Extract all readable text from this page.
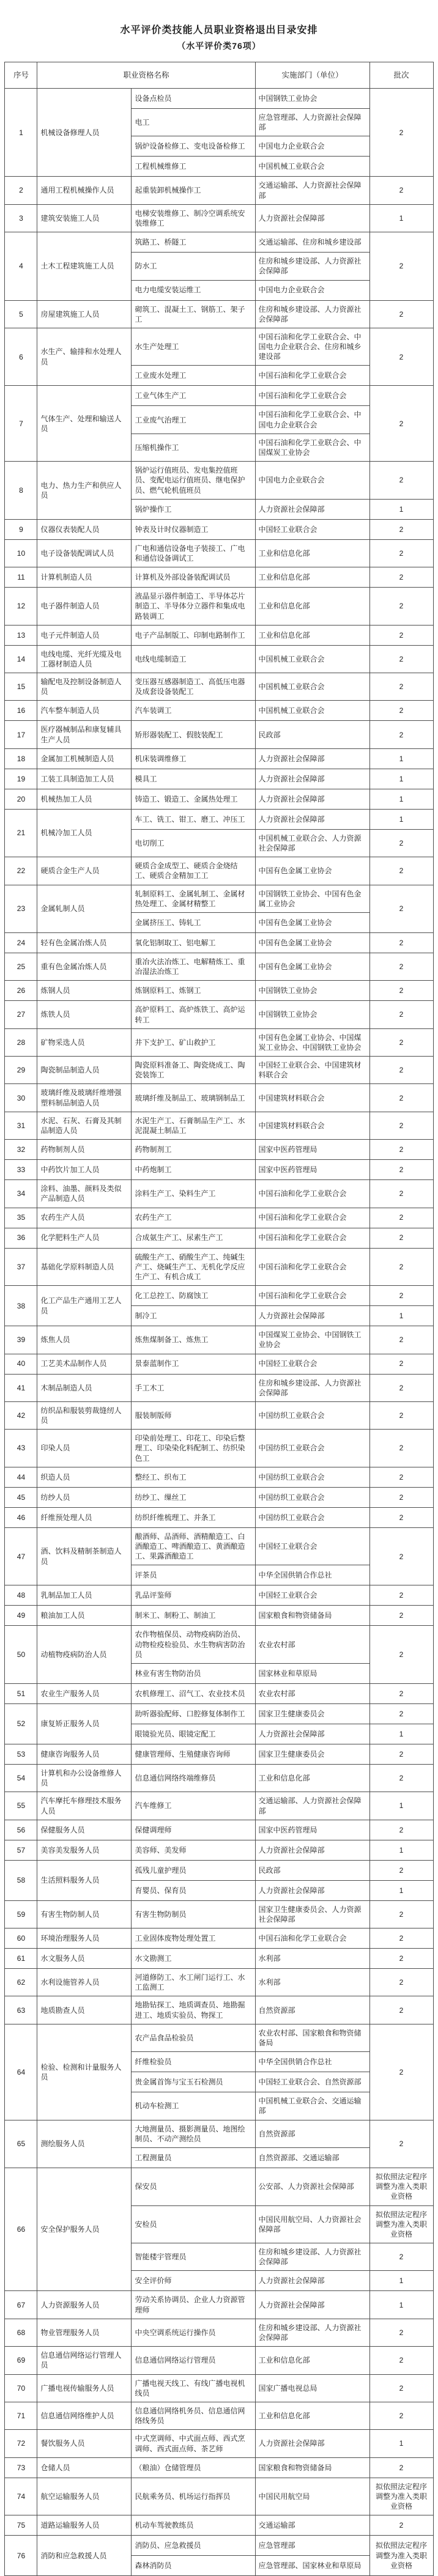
水平评价类技能人员职业资格退出目录安排
（水平评价类76项）
序号	职业资格名称		实施部门（单位）	批次
1	机械设备修理人员	设备点检员	中国钢铁工业协会	2
		电工	应急管理部、人力资源社会保障部	
		锅炉设备检修工、变电设备检修工	中国电力企业联合会	
		工程机械维修工	中国机械工业联合会	
2	通用工程机械操作人员	起重装卸机械操作工	交通运输部、人力资源社会保障部	2
3	建筑安装施工人员	电梯安装维修工、制冷空调系统安装维修工	人力资源社会保障部	1
4	土木工程建筑施工人员	筑路工、桥隧工	交通运输部、住房和城乡建设部	2
		防水工	住房和城乡建设部、人力资源社会保障部	
		电力电缆安装运维工	中国电力企业联合会	
5	房屋建筑施工人员	砌筑工、混凝土工、钢筋工、架子工	住房和城乡建设部、人力资源社会保障部	2
6	水生产、输排和水处理人员	水生产处理工	中国石油和化学工业联合会、中国电力企业联合会、住房和城乡建设部	2
		工业废水处理工	中国石油和化学工业联合会	
7	气体生产、处理和输送人员	工业气体生产工	中国石油和化学工业联合会	2
		工业废气治理工	中国石油和化学工业联合会、中国电力企业联合会	
		压缩机操作工	中国石油和化学工业联合会、中国煤炭工业协会	
8	电力、热力生产和供应人员	锅炉运行值班员、发电集控值班员、变配电运行值班员、继电保护员、燃气轮机值班员	中国电力企业联合会	2
		锅炉操作工	人力资源社会保障部	1
9	仪器仪表装配人员	钟表及计时仪器制造工	中国轻工业联合会	2
10	电子设备装配调试人员	广电和通信设备电子装接工、广电和通信设备调试工	工业和信息化部	2
11	计算机制造人员	计算机及外部设备装配调试员	工业和信息化部	2
12	电子器件制造人员	液晶显示器件制造工、半导体芯片制造工、半导体分立器件和集成电路装调工	工业和信息化部	2
13	电子元件制造人员	电子产品制版工、印制电路制作工	工业和信息化部	2
14	电线电缆、光纤光缆及电工器材制造人员	电线电缆制造工	中国机械工业联合会	2
15	输配电及控制设备制造人员	变压器互感器制造工、高低压电器及成套设备装配工	中国机械工业联合会	2
16	汽车整车制造人员	汽车装调工	中国机械工业联合会	2
17	医疗器械制品和康复辅具生产人员	矫形器装配工、假肢装配工	民政部	2
18	金属加工机械制造人员	机床装调维修工	人力资源社会保障部	1
19	工装工具制造加工人员	模具工	人力资源社会保障部	1
20	机械热加工人员	铸造工、锻造工、金属热处理工	人力资源社会保障部	1
21	机械冷加工人员	车工、铣工、钳工、磨工、冲压工	人力资源社会保障部	1
		电切削工	中国机械工业联合会、人力资源社会保障部	2
22	硬质合金生产人员	硬质合金成型工、硬质合金烧结工、硬质合金精加工工	中国有色金属工业协会	2
23	金属轧制人员	轧制原料工、金属轧制工、金属材热处理工、金属材精整工	中国钢铁工业协会、中国有色金属工业协会	2
		金属挤压工、铸轧工	中国有色金属工业协会	
24	轻有色金属冶炼人员	氧化铝制取工、铝电解工	中国有色金属工业协会	2
25	重有色金属冶炼人员	重冶火法冶炼工、电解精炼工、重冶湿法冶炼工	中国有色金属工业协会	2
26	炼钢人员	炼钢原料工、炼钢工	中国钢铁工业协会	2
27	炼铁人员	高炉原料工、高炉炼铁工、高炉运转工	中国钢铁工业协会	2
28	矿物采选人员	井下支护工、矿山救护工	中国有色金属工业协会、中国煤炭工业协会、中国钢铁工业协会	2
29	陶瓷制品制造人员	陶瓷原料准备工、陶瓷烧成工、陶瓷装饰工	中国轻工业联合会、中国建筑材料联合会	2
30	玻璃纤维及玻璃纤维增强塑料制品制造人员	玻璃纤维及制品工、玻璃钢制品工	中国建筑材料联合会	2
31	水泥、石灰、石膏及其制品制造人员	水泥生产工、石膏制品生产工、水泥混凝土制品工	中国建筑材料联合会	2
32	药物制剂人员	药物制剂工	国家中医药管理局	2
33	中药饮片加工人员	中药炮制工	国家中医药管理局	2
34	涂料、油墨、颜料及类似产品制造人员	涂料生产工、染料生产工	中国石油和化学工业联合会	2
35	农药生产人员	农药生产工	中国石油和化学工业联合会	2
36	化学肥料生产人员	合成氨生产工、尿素生产工	中国石油和化学工业联合会	2
37	基础化学原料制造人员	硫酸生产工、硝酸生产工、纯碱生产工、烧碱生产工、无机化学反应生产工、有机合成工	中国石油和化学工业联合会	2
38	化工产品生产通用工艺人员	化工总控工、防腐蚀工	中国石油和化学工业联合会	2
		制冷工	人力资源社会保障部	1
39	炼焦人员	炼焦煤制备工、炼焦工	中国煤炭工业协会、中国钢铁工业协会	2
40	工艺美术品制作人员	景泰蓝制作工	中国轻工业联合会	2
41	木制品制造人员	手工木工	住房和城乡建设部、人力资源社会保障部	2
42	纺织品和服装剪裁缝纫人员	服装制版师	中国纺织工业联合会	2
43	印染人员	印染前处理工、印花工、印染后整理工、印染染化料配制工、纺织染色工	中国纺织工业联合会	2
44	织造人员	整经工、织布工	中国纺织工业联合会	2
45	纺纱人员	纺纱工、缫丝工	中国纺织工业联合会	2
46	纤维预处理人员	纺织纤维梳理工、并条工	中国纺织工业联合会	2
47	酒、饮料及精制茶制造人员	酿酒师、品酒师、酒精酿造工、白酒酿造工、啤酒酿造工、黄酒酿造工、果露酒酿造工	中国轻工业联合会	2
		评茶员	中华全国供销合作总社	
48	乳制品加工人员	乳品评鉴师	中国轻工业联合会	2
49	粮油加工人员	制米工、制粉工、制油工	国家粮食和物资储备局	2
50	动植物疫病防治人员	农作物植保员、动物疫病防治员、动物检疫检验员、水生物病害防治员	农业农村部	2
		林业有害生物防治员	国家林业和草原局	
51	农业生产服务人员	农机修理工、沼气工、农业技术员	农业农村部	2
52	康复矫正服务人员	助听器验配师、口腔修复体制作工	国家卫生健康委员会	2
		眼镜验光员、眼镜定配工	人力资源社会保障部	1
53	健康咨询服务人员	健康管理师、生殖健康咨询师	国家卫生健康委员会	2
54	计算机和办公设备维修人员	信息通信网络终端维修员	工业和信息化部	2
55	汽车摩托车修理技术服务人员	汽车维修工	交通运输部、人力资源社会保障部	1
56	保健服务人员	保健调理师	国家中医药管理局	2
57	美容美发服务人员	美容师、美发师	人力资源社会保障部	1
58	生活照料服务人员	孤残儿童护理员	民政部	2
		育婴员、保育员	人力资源社会保障部	1
59	有害生物防制人员	有害生物防制员	国家卫生健康委员会、人力资源社会保障部	2
60	环境治理服务人员	工业固体废物处理处置工	中国石油和化学工业联合会	2
61	水文服务人员	水文勘测工	水利部	2
62	水利设施管养人员	河道修防工、水工闸门运行工、水工监测工	水利部	2
63	地质勘查人员	地勘钻探工、地质调查员、地勘掘进工、地质实验员、物探工	自然资源部	2
64	检验、检测和计量服务人员	农产品食品检验员	农业农村部、国家粮食和物资储备局	2
		纤维检验员	中华全国供销合作总社	
		贵金属首饰与宝玉石检测员	中国轻工业联合会、自然资源部	
		机动车检测工	中国机械工业联合会、交通运输部	
65	测绘服务人员	大地测量员、摄影测量员、地图绘制员、不动产测绘员	自然资源部	2
		工程测量员	自然资源部、交通运输部	
66	安全保护服务人员	保安员	公安部、人力资源社会保障部	拟依照法定程序调整为准入类职业资格
		安检员	中国民用航空局、人力资源社会保障部	拟依照法定程序调整为准入类职业资格
		智能楼宇管理员	住房和城乡建设部、人力资源社会保障部	2
		安全评价师	人力资源社会保障部	1
67	人力资源服务人员	劳动关系协调员、企业人力资源管理师	人力资源社会保障部	1
68	物业管理服务人员	中央空调系统运行操作员	住房和城乡建设部、人力资源社会保障部	2
69	信息通信网络运行管理人员	信息通信网络运行管理员	工业和信息化部	2
70	广播电视传输服务人员	广播电视天线工、有线广播电视机线员	国家广播电视总局	2
71	信息通信网络维护人员	信息通信网络机务员、信息通信网络线务员	工业和信息化部	2
72	餐饮服务人员	中式烹调师、中式面点师、西式烹调师、西式面点师、茶艺师	人力资源社会保障部	1
73	仓储人员	（粮油）仓储管理员	国家粮食和物资储备局	2
74	航空运输服务人员	民航乘务员、机场运行指挥员	中国民用航空局	拟依照法定程序调整为准入类职业资格
75	道路运输服务人员	机动车驾驶教练员	交通运输部	2
76	消防和应急救援人员	消防员、应急救援员	应急管理部	拟依照法定程序调整为准入类职业资格
		森林消防员	应急管理部、国家林业和草原局	
